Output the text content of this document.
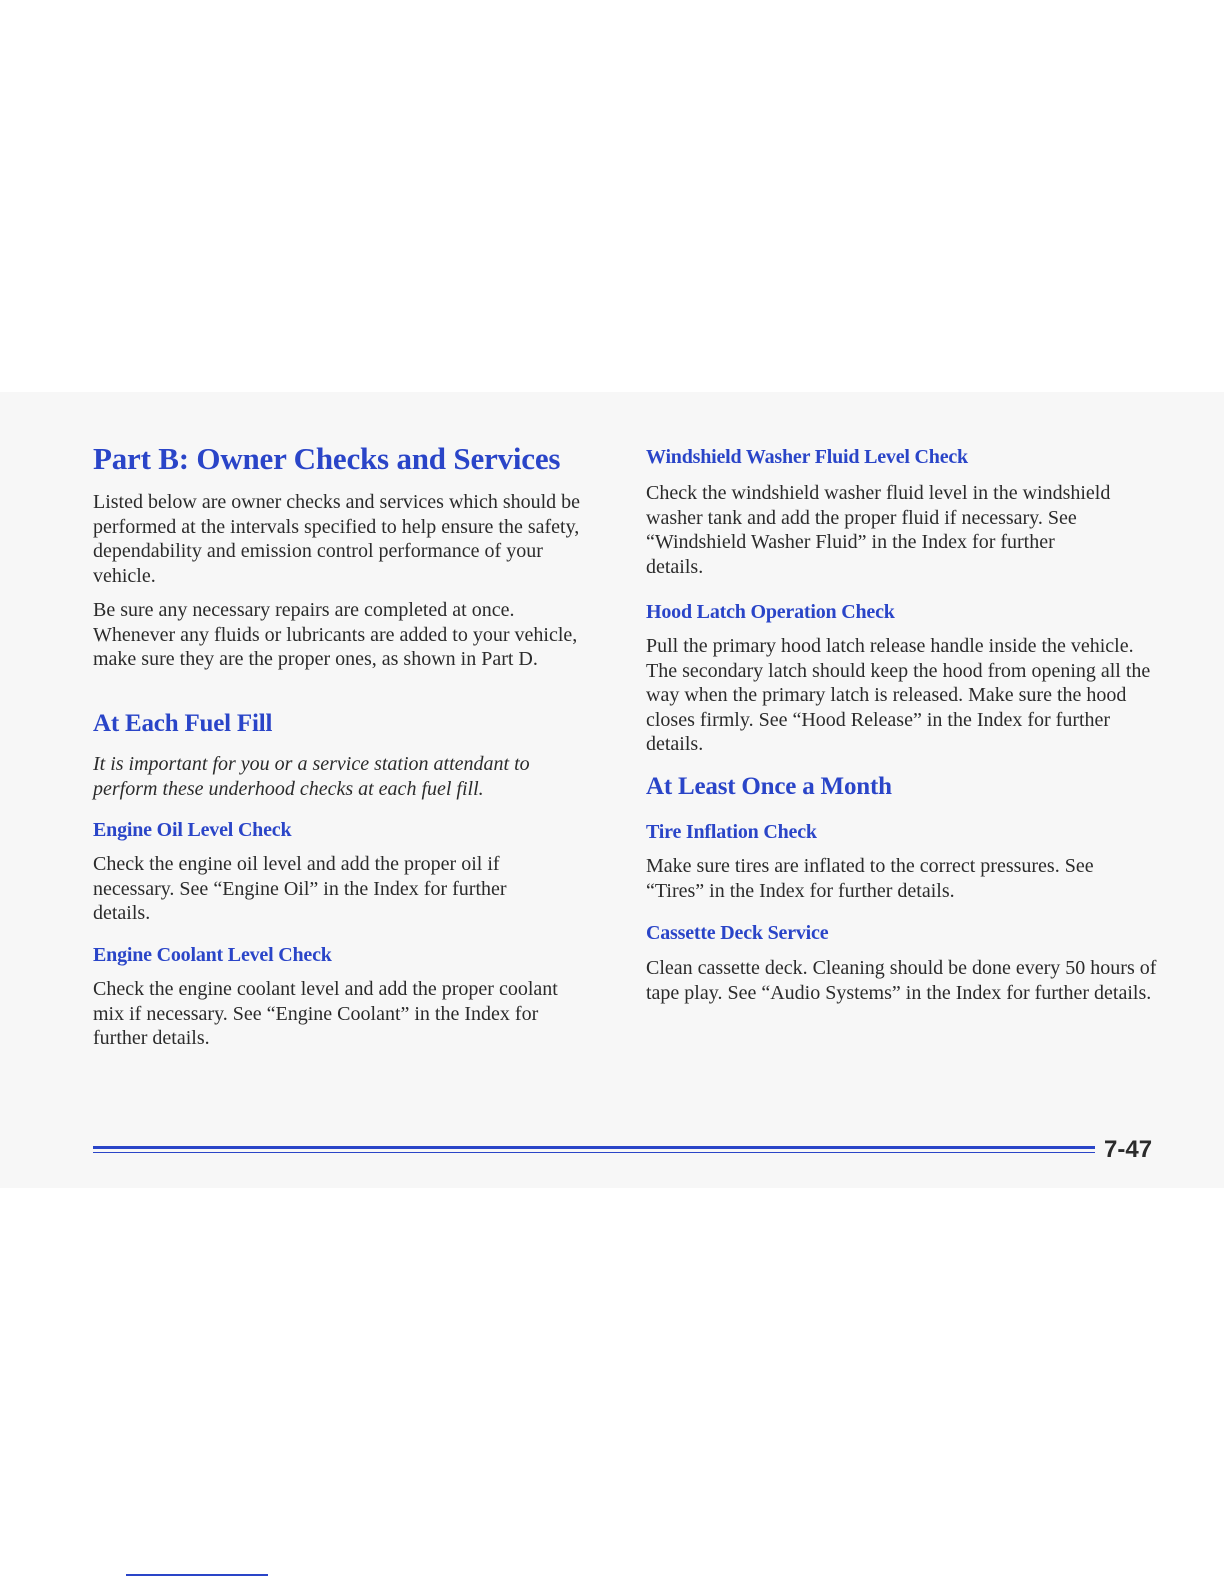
Part B: Owner Checks and Services

Listed below are owner checks and services which should be performed at the intervals specified to help ensure the safety, dependability and emission control performance of your vehicle.

Be sure any necessary repairs are completed at once. Whenever any fluids or lubricants are added to your vehicle, make sure they are the proper ones, as shown in Part D.

At Each Fuel Fill

It is important for you or a service station attendant to perform these underhood checks at each fuel fill.

Engine Oil Level Check

Check the engine oil level and add the proper oil if necessary. See “Engine Oil” in the Index for further details.

Engine Coolant Level Check

Check the engine coolant level and add the proper coolant mix if necessary. See “Engine Coolant” in the Index for further details.

Windshield Washer Fluid Level Check

Check the windshield washer fluid level in the windshield washer tank and add the proper fluid if necessary. See “Windshield Washer Fluid” in the Index for further details.

Hood Latch Operation Check

Pull the primary hood latch release handle inside the vehicle. The secondary latch should keep the hood from opening all the way when the primary latch is released. Make sure the hood closes firmly. See “Hood Release” in the Index for further details.

At Least Once a Month
Tire Inflation Check

Make sure tires are inflated to the correct pressures. See “Tires” in the Index for further details.

Cassette Deck Service

Clean cassette deck. Cleaning should be done every 50 hours of tape play. See “Audio Systems” in the Index for further details.

7-47
